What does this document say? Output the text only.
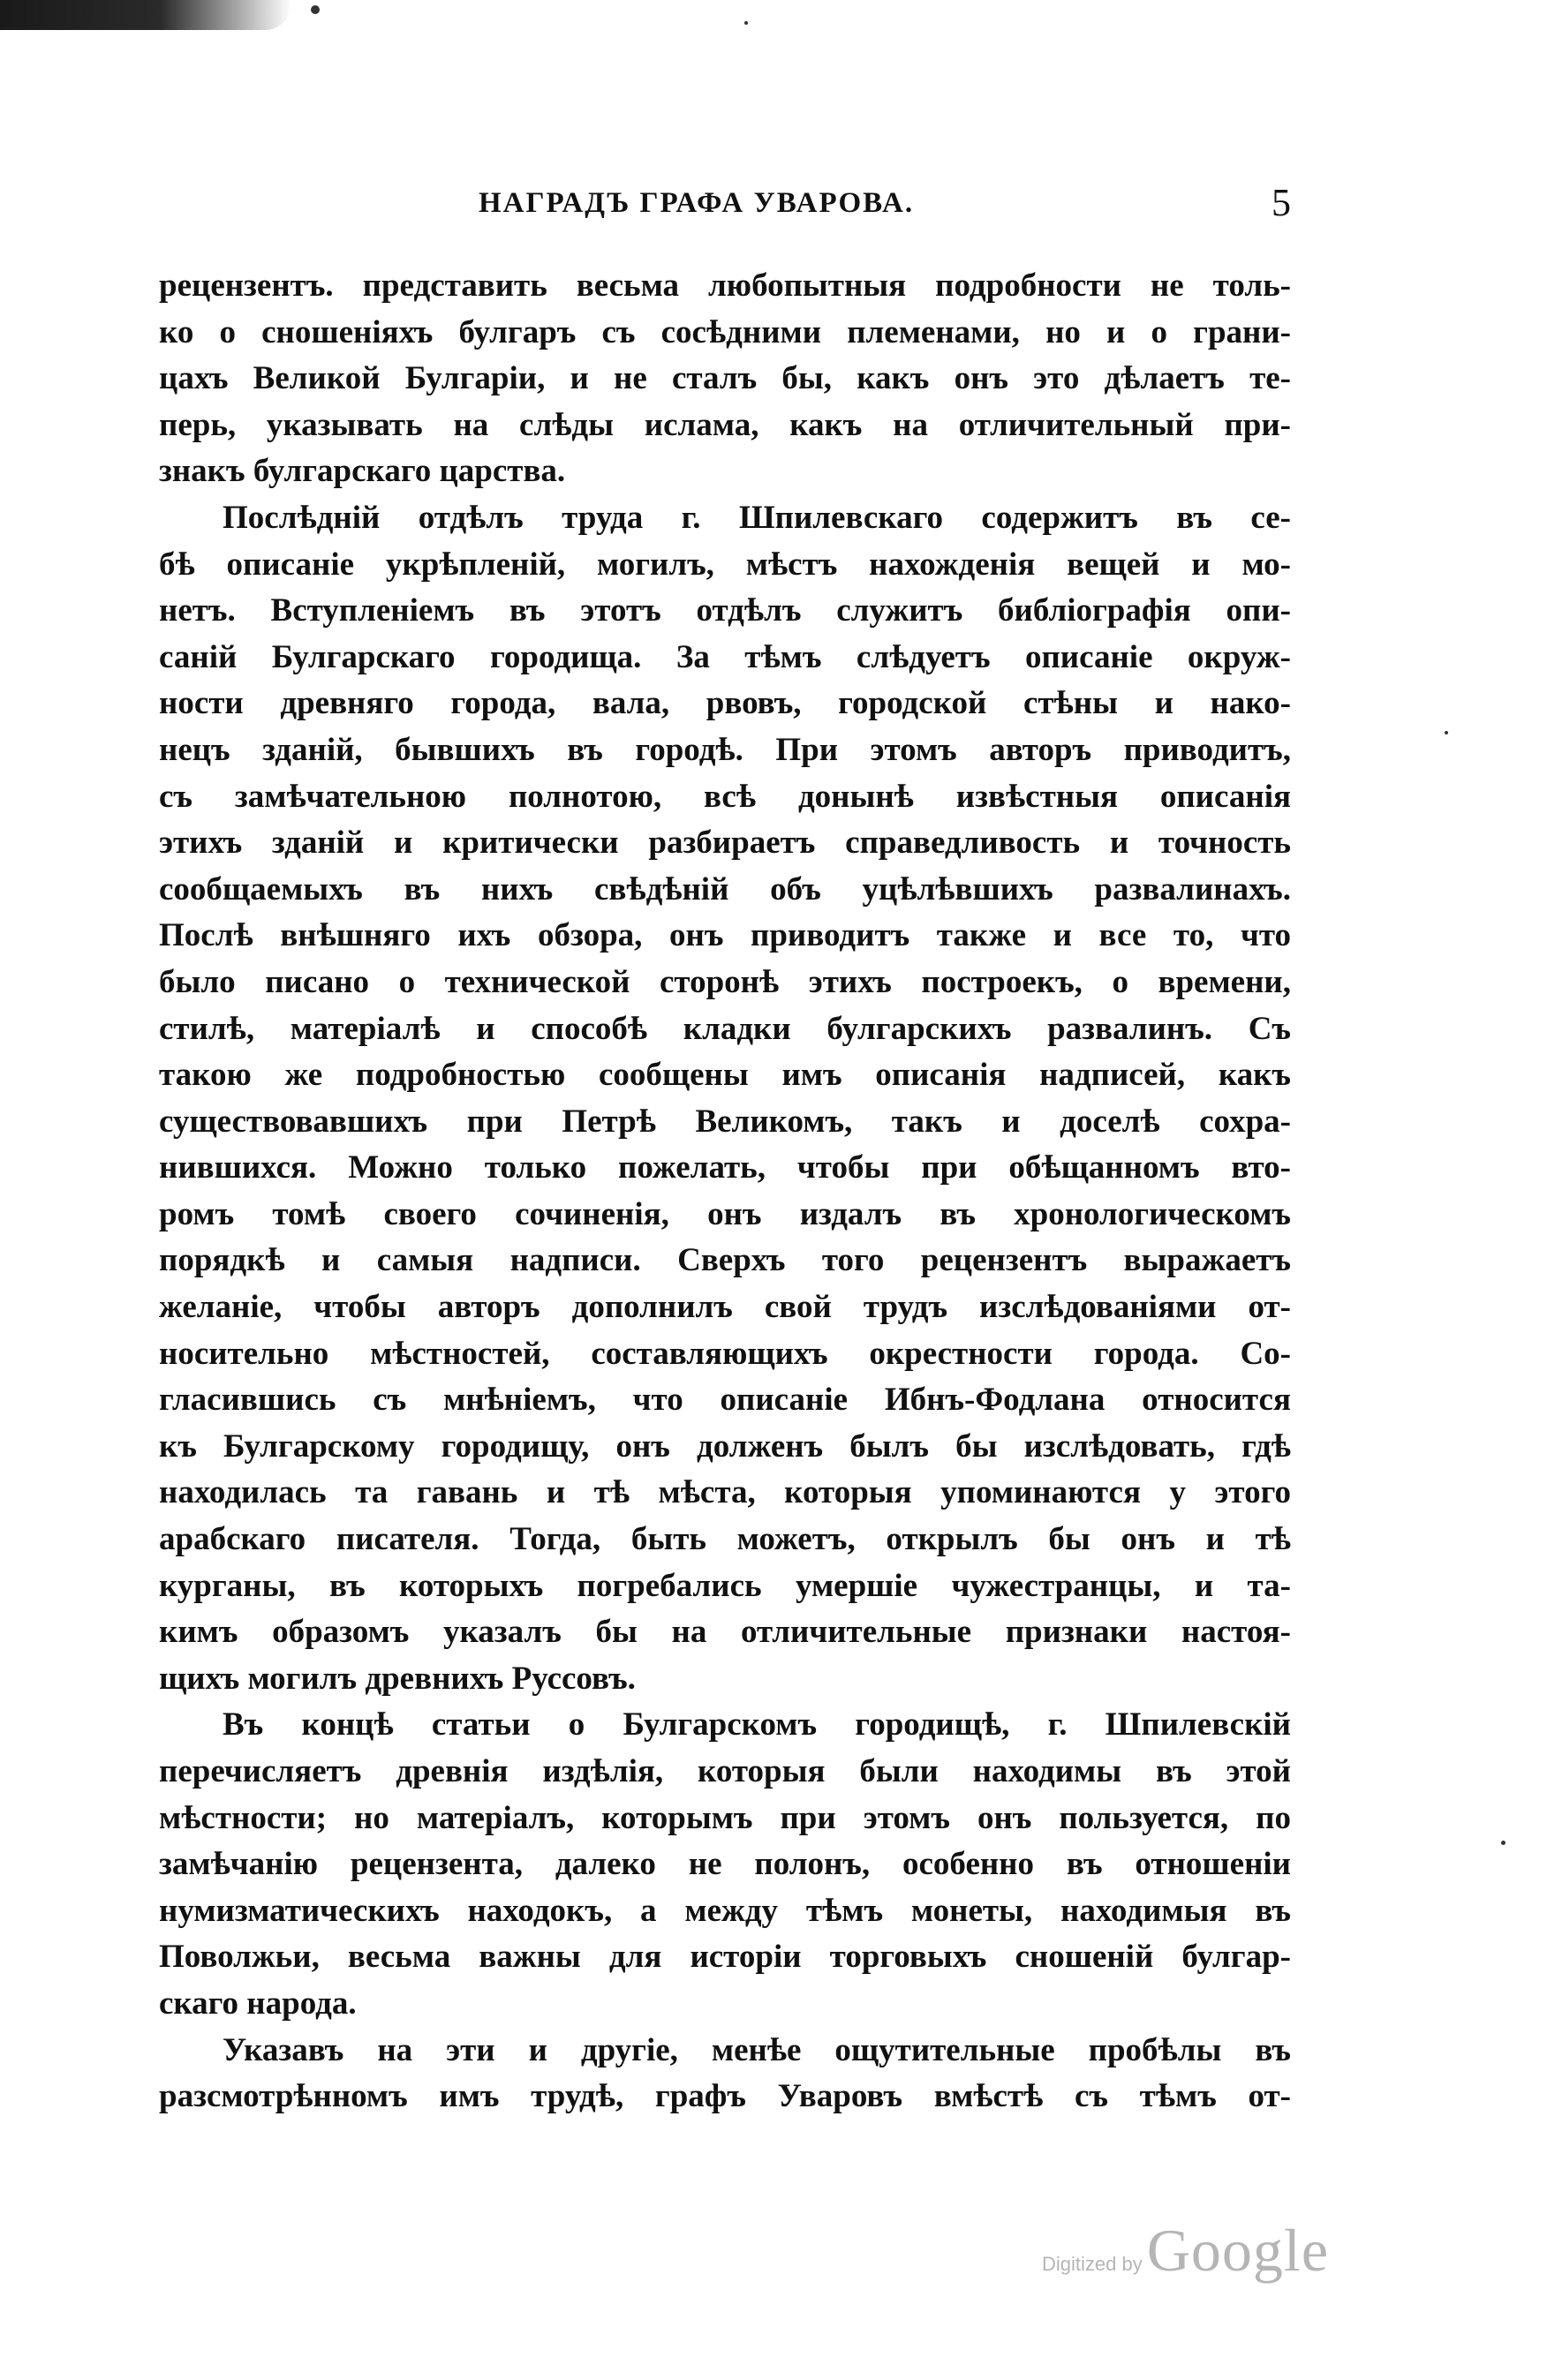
НАГРАДЪ ГРАФА УВАРОВА.	5
рецензентъ. представить весьма любопытныя подробности не толь-
ко о сношеніяхъ булгаръ съ сосѣдними племенами, но и о грани-
цахъ Великой Булгаріи, и не сталъ бы, какъ онъ это дѣлаетъ те-
перь, указывать на слѣды ислама, какъ на отличительный при-
знакъ булгарскаго царства.
Послѣдній отдѣлъ труда г. Шпилевскаго содержитъ въ се-
бѣ описаніе укрѣпленій, могилъ, мѣстъ нахожденія вещей и мо-
нетъ. Вступленіемъ въ этотъ отдѣлъ служитъ библіографія опи-
саній Булгарскаго городища. За тѣмъ слѣдуетъ описаніе окруж-
ности древняго города, вала, рвовъ, городской стѣны и нако-
нецъ зданій, бывшихъ въ городѣ. При этомъ авторъ приводитъ,
съ замѣчательною полнотою, всѣ донынѣ извѣстныя описанія
этихъ зданій и критически разбираетъ справедливость и точность
сообщаемыхъ въ нихъ свѣдѣній объ уцѣлѣвшихъ развалинахъ.
Послѣ внѣшняго ихъ обзора, онъ приводитъ также и все то, что
было писано о технической сторонѣ этихъ построекъ, о времени,
стилѣ, матеріалѣ и способѣ кладки булгарскихъ развалинъ. Съ
такою же подробностью сообщены имъ описанія надписей, какъ
существовавшихъ при Петрѣ Великомъ, такъ и доселѣ сохра-
нившихся. Можно только пожелать, чтобы при обѣщанномъ вто-
ромъ томѣ своего сочиненія, онъ издалъ въ хронологическомъ
порядкѣ и самыя надписи. Сверхъ того рецензентъ выражаетъ
желаніе, чтобы авторъ дополнилъ свой трудъ изслѣдованіями от-
носительно мѣстностей, составляющихъ окрестности города. Со-
гласившись съ мнѣніемъ, что описаніе Ибнъ-Фодлана относится
къ Булгарскому городищу, онъ долженъ былъ бы изслѣдовать, гдѣ
находилась та гавань и тѣ мѣста, которыя упоминаются у этого
арабскаго писателя. Тогда, быть можетъ, открылъ бы онъ и тѣ
курганы, въ которыхъ погребались умершіе чужестранцы, и та-
кимъ образомъ указалъ бы на отличительные признаки настоя-
щихъ могилъ древнихъ Руссовъ.
Въ концѣ статьи о Булгарскомъ городищѣ, г. Шпилевскій
перечисляетъ древнія издѣлія, которыя были находимы въ этой
мѣстности; но матеріалъ, которымъ при этомъ онъ пользуется, по
замѣчанію рецензента, далеко не полонъ, особенно въ отношеніи
нумизматическихъ находокъ, а между тѣмъ монеты, находимыя въ
Поволжьи, весьма важны для исторіи торговыхъ сношеній булгар-
скаго народа.
Указавъ на эти и другіе, менѣе ощутительные пробѣлы въ
разсмотрѣнномъ имъ трудѣ, графъ Уваровъ вмѣстѣ съ тѣмъ от-
Digitized by Google
